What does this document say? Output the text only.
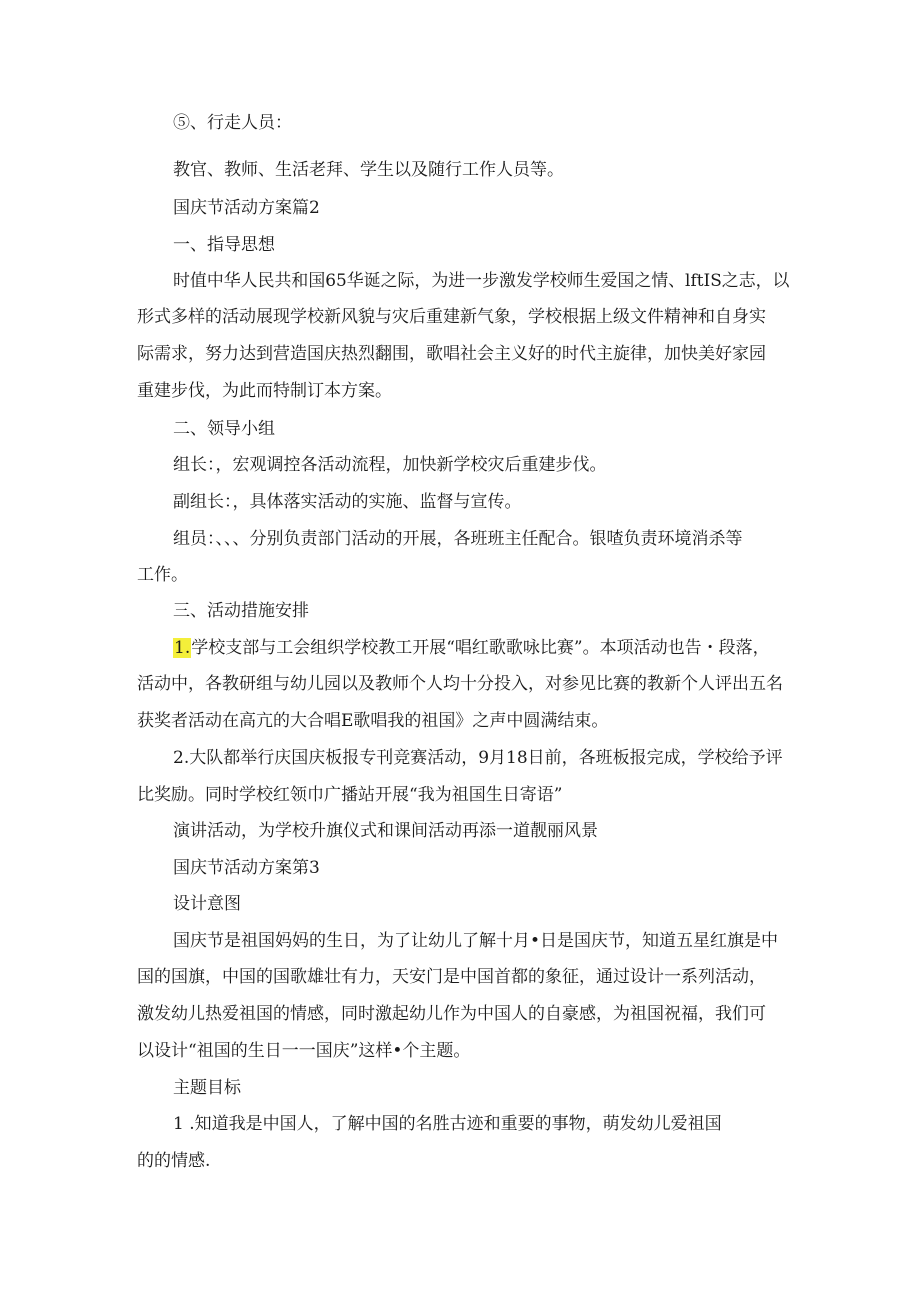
⑤、行走人员：

教官、教师、生活老拜、学生以及随行工作人员等。

国庆节活动方案篇2

一、指导思想

时值中华人民共和国65华诞之际，为进一步激发学校师生爱国之情、lftIS之志，以

形式多样的活动展现学校新风貌与灾后重建新气象，学校根据上级文件精神和自身实

际需求，努力达到营造国庆热烈翻围，歌唱社会主义好的时代主旋律，加快美好家园

重建步伐，为此而特制订本方案。

二、领导小组

组长：，宏观调控各活动流程，加快新学校灾后重建步伐。

副组长：，具体落实活动的实施、监督与宣传。

组员：、、、分别负责部门活动的开展，各班班主任配合。银喳负责环境消杀等

工作。

三、活动措施安排

1.学校支部与工会组织学校教工开展“唱红歌歌咏比赛”。本项活动也告・段落，

活动中，各教研组与幼儿园以及教师个人均十分投入，对参见比赛的教新个人评出五名

获奖者活动在高亢的大合唱E歌唱我的祖国》之声中圆满结束。

2.大队都举行庆国庆板报专刊竞赛活动，9月18日前，各班板报完成，学校给予评

比奖励。同时学校红领巾广播站开展“我为祖国生日寄语”

演讲活动，为学校升旗仪式和课间活动再添一道靓丽风景

国庆节活动方案第3

设计意图

国庆节是祖国妈妈的生日，为了让幼儿了解十月•日是国庆节，知道五星红旗是中

国的国旗，中国的国歌雄壮有力，天安门是中国首都的象征，通过设计一系列活动，

激发幼儿热爱祖国的情感，同时激起幼儿作为中国人的自豪感，为祖国祝福，我们可

以设计“祖国的生日一一国庆”这样•个主题。

主题目标

1 .知道我是中国人，了解中国的名胜古迹和重要的事物，萌发幼儿爱祖国

的的情感.
